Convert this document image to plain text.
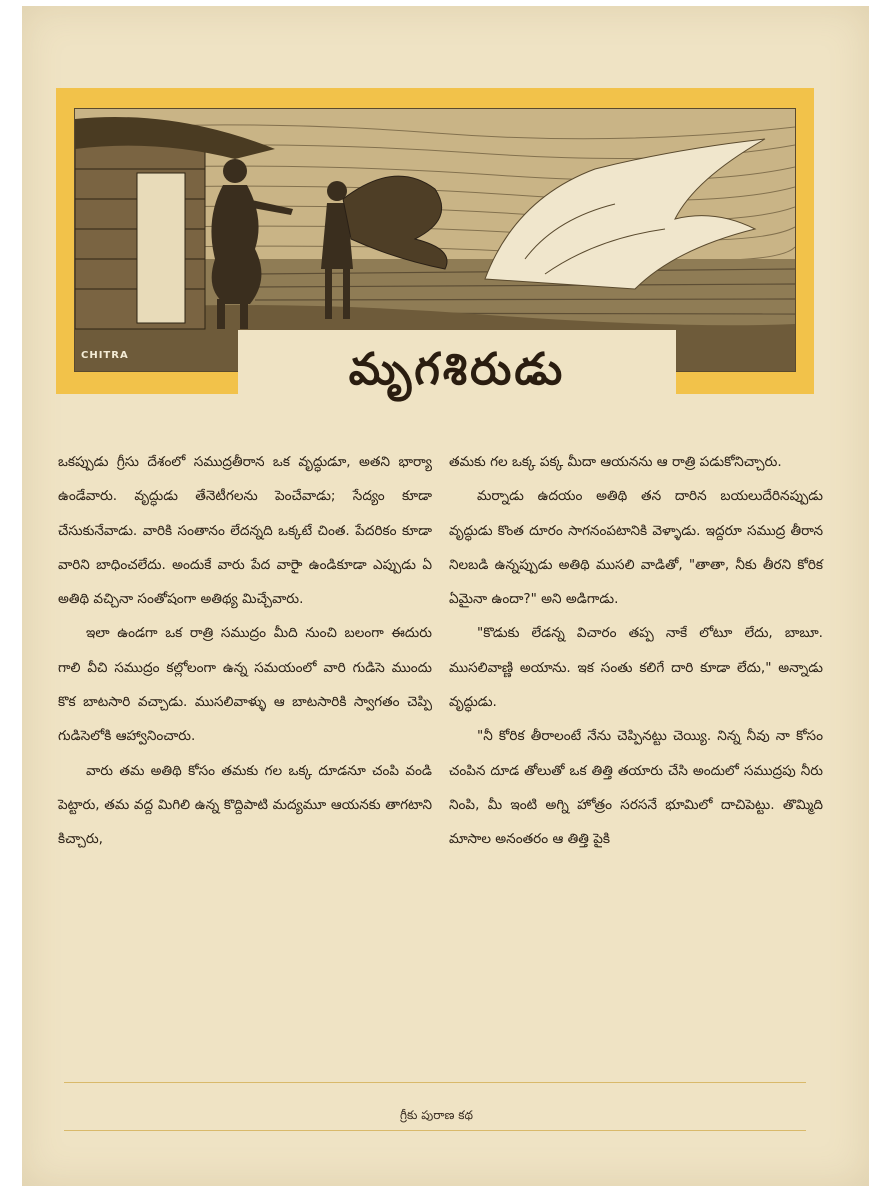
CHITRA	మృగశిరుడు

ఒకప్పుడు గ్రీసు దేశంలో సముద్రతీరాన ఒక వృద్ధుడూ, అతని భార్యా ఉండేవారు. వృద్ధుడు తేనెటీగలను పెంచేవాడు; సేద్యం కూడా చేసుకునేవాడు. వారికి సంతానం లేదన్నది ఒక్కటే చింత. పేదరికం కూడా వారిని బాధించలేదు. అందుకే వారు పేద వారైా ఉండికూడా ఎప్పుడు ఏ అతిథి వచ్చినా సంతోషంగా అతిథ్య మిచ్చేవారు.

ఇలా ఉండగా ఒక రాత్రి సముద్రం మీది నుంచి బలంగా ఈదురు గాలి వీచి సముద్రం కల్లోలంగా ఉన్న సమయంలో వారి గుడిసె ముందు కొక బాటసారి వచ్చాడు. ముసలివాళ్ళు ఆ బాటసారికి స్వాగతం చెప్పి గుడిసెలోకి ఆహ్వానించారు.

వారు తమ అతిథి కోసం తమకు గల ఒక్క దూడనూ చంపి వండి పెట్టారు, తమ వద్ద మిగిలి ఉన్న కొద్దిపాటి మద్యమూ ఆయనకు తాగటాని కిచ్చారు,

తమకు గల ఒక్క పక్క మీదా ఆయనను ఆ రాత్రి పడుకోనిచ్చారు.

మర్నాడు ఉదయం అతిథి తన దారిన బయలుదేరినప్పుడు వృద్ధుడు కొంత దూరం సాగనంపటానికి వెళ్ళాడు. ఇద్దరూ సముద్ర తీరాన నిలబడి ఉన్నప్పుడు అతిథి ముసలి వాడితో, "తాతా, నీకు తీరని కోరిక ఏమైనా ఉందా?" అని అడిగాడు.

"కొడుకు లేడన్న విచారం తప్ప నాకే లోటూ లేదు, బాబూ. ముసలివాణ్ణి అయాను. ఇక సంతు కలిగే దారి కూడా లేదు," అన్నాడు వృద్ధుడు.

"నీ కోరిక తీరాలంటే నేను చెప్పినట్టు చెయ్యి. నిన్న నీవు నా కోసం చంపిన దూడ తోలుతో ఒక తిత్తి తయారు చేసి అందులో సముద్రపు నీరు నింపి, మీ ఇంటి అగ్ని హోత్రం సరసనే భూమిలో దాచిపెట్టు. తొమ్మిది మాసాల అనంతరం ఆ తిత్తి పైకి

గ్రీకు పురాణ కథ
